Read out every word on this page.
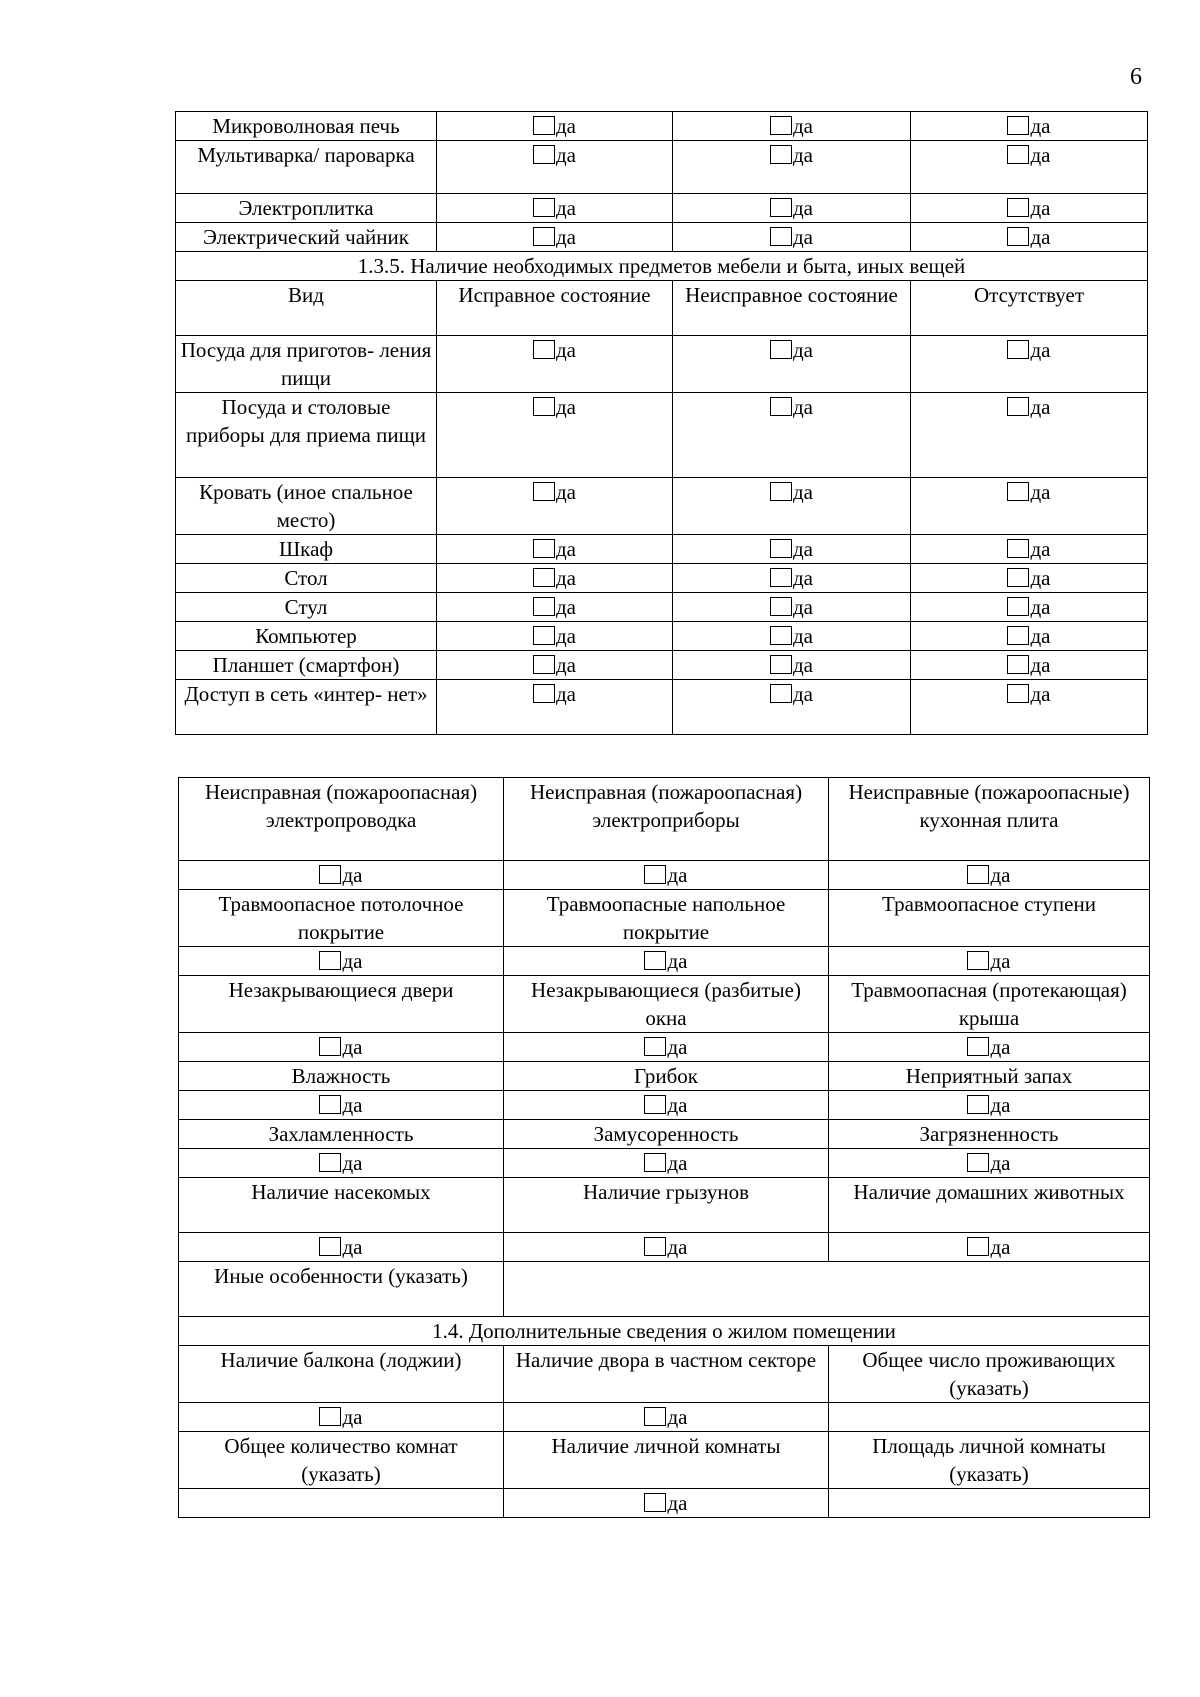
6
Микроволновая печь	да	да	да

Мультиварка/ пароварка	да	да	да

Электроплитка	да	да	да

Электрический чайник	да	да	да
1.3.5. Наличие необходимых предметов мебели и быта, иных вещей			

Вид	Исправное состояние	Неисправное состояние	Отсутствует

Посуда для приготов- ления пищи	да	да	да

Посуда и столовые приборы для приема пищи	да	да	да

Кровать (иное спальное место)	да	да	да

Шкаф	да	да	да

Стол	да	да	да

Стул	да	да	да

Компьютер	да	да	да

Планшет (смартфон)	да	да	да

Доступ в сеть «интер- нет»	да	да	да
Неисправная (пожароопасная) электропроводка	Неисправная (пожароопасная) электроприборы	Неисправные (пожароопасные) кухонная плита

да	да	да

Травмоопасное потолочное покрытие	Травмоопасные напольное покрытие	Травмоопасное ступени

да	да	да

Незакрывающиеся двери	Незакрывающиеся (разбитые) окна	Травмоопасная (протекающая) крыша

да	да	да

Влажность	Грибок	Неприятный запах

да	да	да

Захламленность	Замусоренность	Загрязненность

да	да	да

Наличие насекомых	Наличие грызунов	Наличие домашних животных

да	да	да

Иные особенности (указать)		

1.4. Дополнительные сведения о жилом помещении		

Наличие балкона (лоджии)	Наличие двора в частном секторе	Общее число проживающих (указать)

да	да	

Общее количество комнат (указать)	Наличие личной комнаты	Площадь личной комнаты (указать)

	да	
